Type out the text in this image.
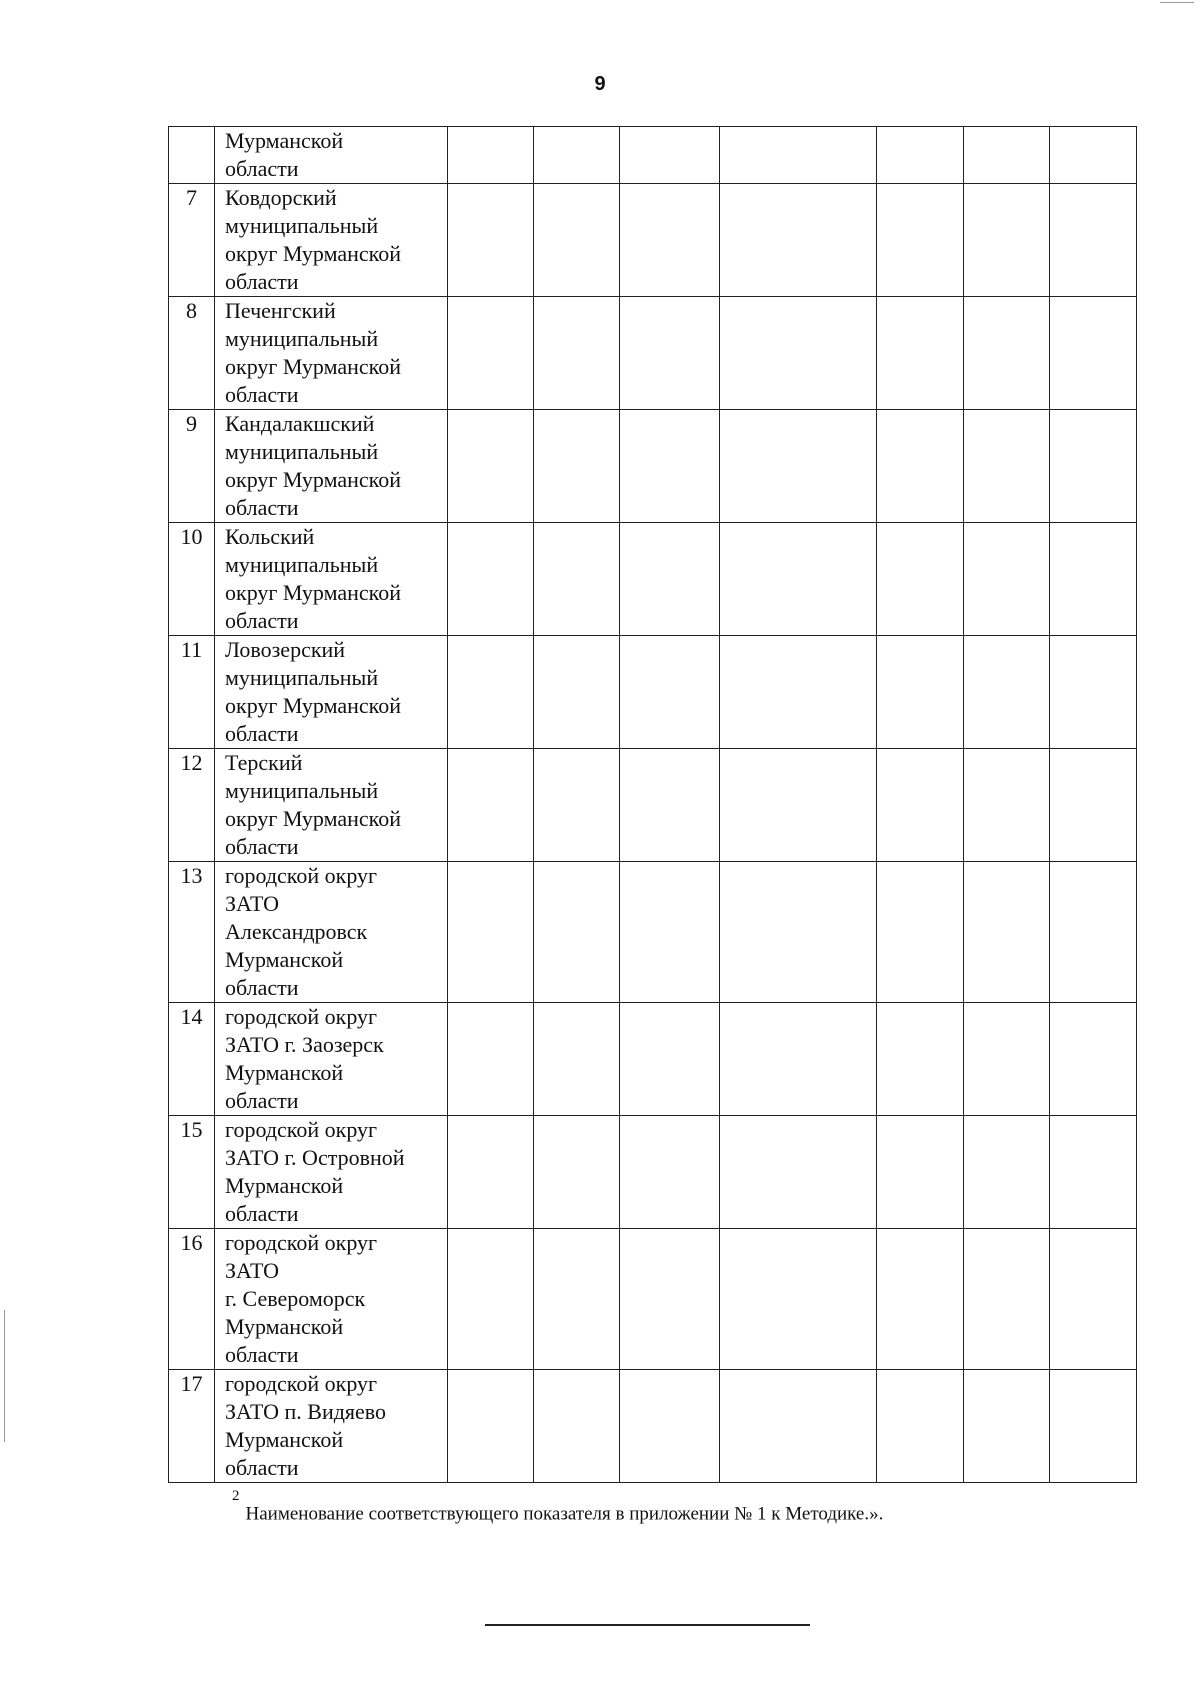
9

	Мурманской
области							

7	Ковдорский
муниципальный
округ Мурманской
области							

8	Печенгский
муниципальный
округ Мурманской
области							

9	Кандалакшский
муниципальный
округ Мурманской
области							

10	Кольский
муниципальный
округ Мурманской
области							

11	Ловозерский
муниципальный
округ Мурманской
области							

12	Терский
муниципальный
округ Мурманской
области							

13	городской округ
ЗАТО
Александровск
Мурманской
области							

14	городской округ
ЗАТО г. Заозерск
Мурманской
области							

15	городской округ
ЗАТО г. Островной
Мурманской
области							

16	городской округ
ЗАТО
г. Североморск
Мурманской
области							

17	городской округ
ЗАТО п. Видяево
Мурманской
области							

$^2$Наименование соответствующего показателя в приложении № 1 к Методике.».
